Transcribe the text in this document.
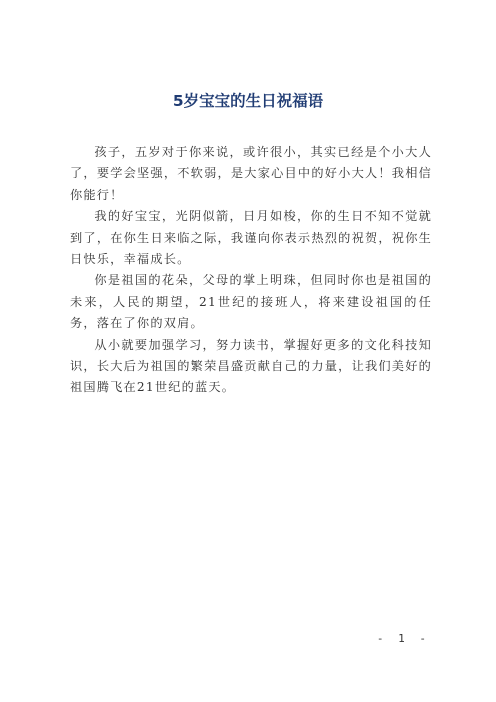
5岁宝宝的生日祝福语

孩子，五岁对于你来说，或许很小，其实已经是个小大人了，要学会坚强，不软弱，是大家心目中的好小大人！我相信你能行！

我的好宝宝，光阴似箭，日月如梭，你的生日不知不觉就到了，在你生日来临之际，我谨向你表示热烈的祝贺，祝你生日快乐，幸福成长。

你是祖国的花朵，父母的掌上明珠，但同时你也是祖国的未来，人民的期望，21世纪的接班人，将来建设祖国的任务，落在了你的双肩。

从小就要加强学习，努力读书，掌握好更多的文化科技知识，长大后为祖国的繁荣昌盛贡献自己的力量，让我们美好的祖国腾飞在21世纪的蓝天。

- 1 -
